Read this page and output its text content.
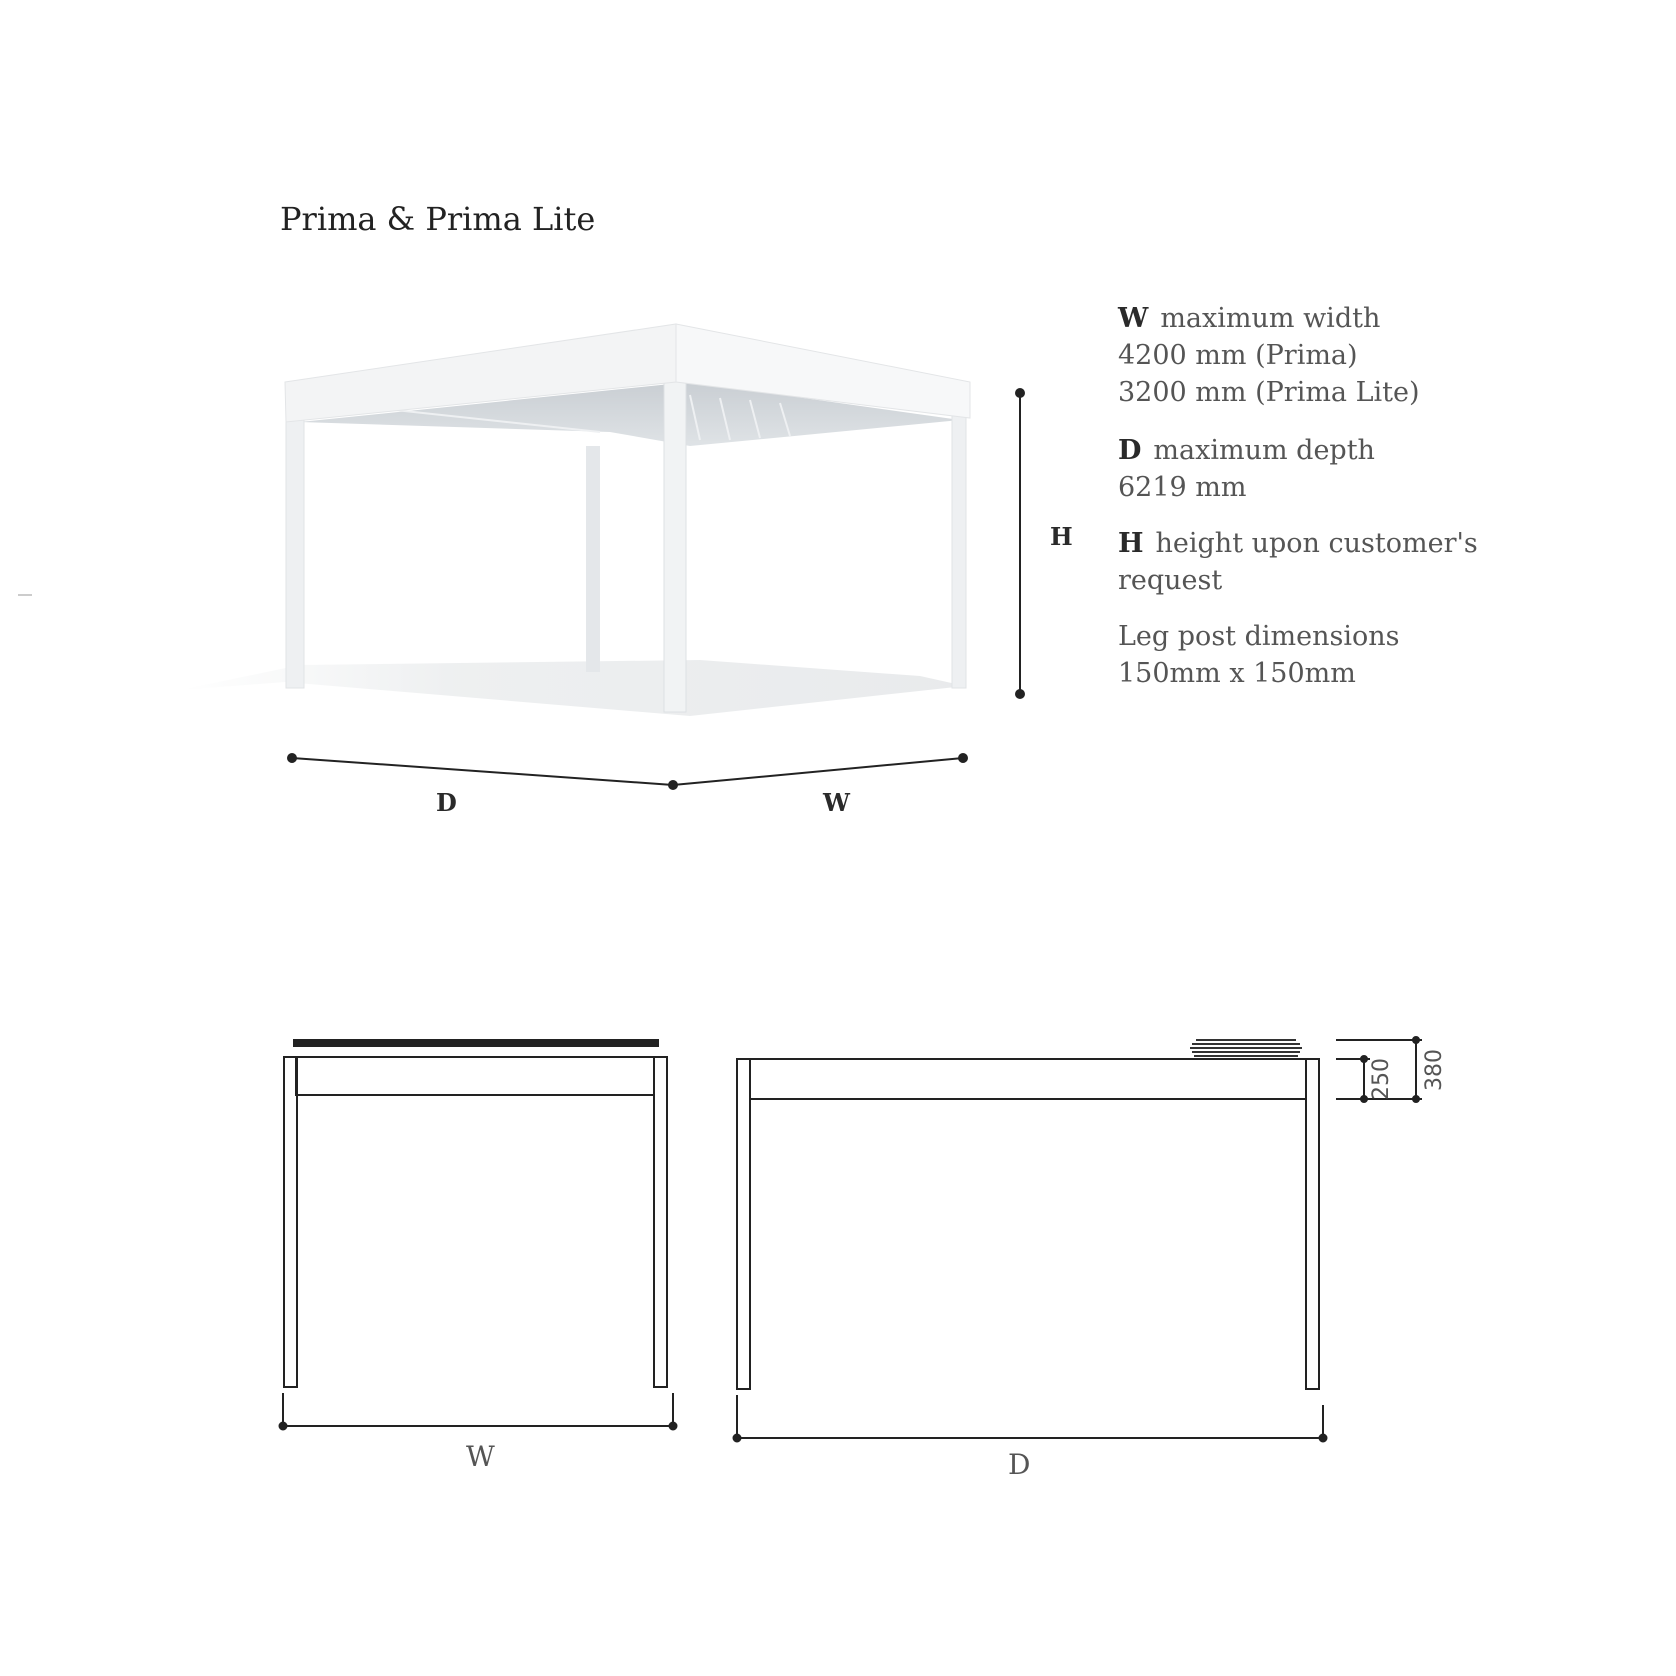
250 380
Prima & Prima Lite
D	W
H
W maximum width
4200 mm (Prima)
3200 mm (Prima Lite)
D maximum depth
6219 mm
H height upon customer's
request
Leg post dimensions
150mm x 150mm
W	D
